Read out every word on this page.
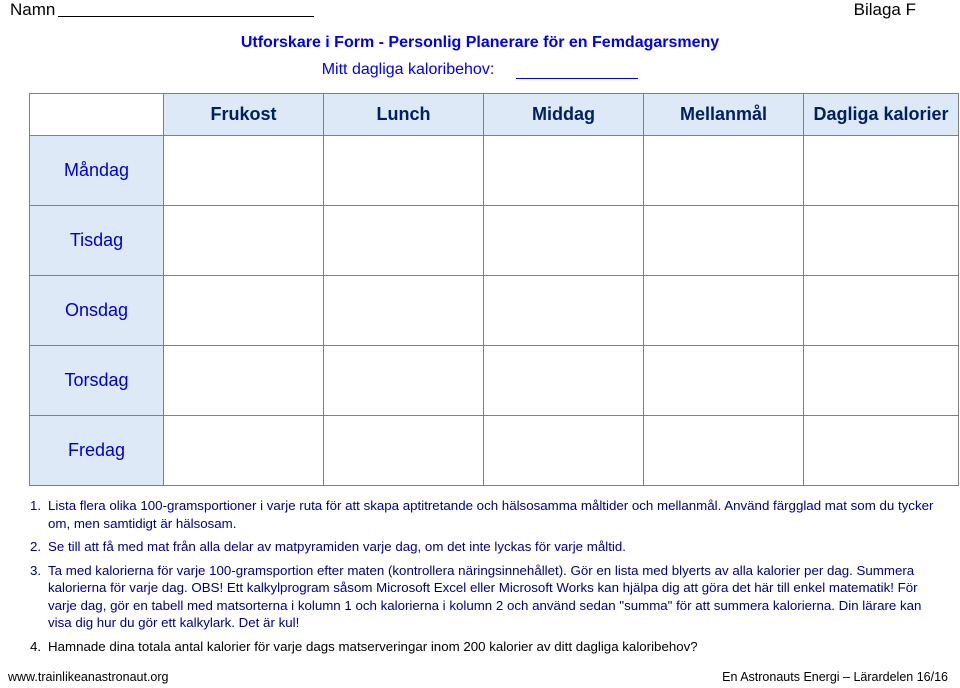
Namn	Bilaga F
Utforskare i Form - Personlig Planerare för en Femdagarsmeny
Mitt dagliga kaloribehov:
	Frukost	Lunch	Middag	Mellanmål	Dagliga kalorier
Måndag					
Tisdag					
Onsdag					
Torsdag					
Fredag					
1. Lista flera olika 100-gramsportioner i varje ruta för att skapa aptitretande och hälsosamma måltider och mellanmål. Använd färgglad mat som du tycker om, men samtidigt är hälsosam.
2. Se till att få med mat från alla delar av matpyramiden varje dag, om det inte lyckas för varje måltid.
3. Ta med kalorierna för varje 100-gramsportion efter maten (kontrollera näringsinnehållet). Gör en lista med blyerts av alla kalorier per dag. Summera kalorierna för varje dag. OBS! Ett kalkylprogram såsom Microsoft Excel eller Microsoft Works kan hjälpa dig att göra det här till enkel matematik! För varje dag, gör en tabell med matsorterna i kolumn 1 och kalorierna i kolumn 2 och använd sedan "summa" för att summera kalorierna. Din lärare kan visa dig hur du gör ett kalkylark. Det är kul!
4. Hamnade dina totala antal kalorier för varje dags matserveringar inom 200 kalorier av ditt dagliga kaloribehov?
www.trainlikeanastronaut.org	En Astronauts Energi – Lärardelen 16/16
